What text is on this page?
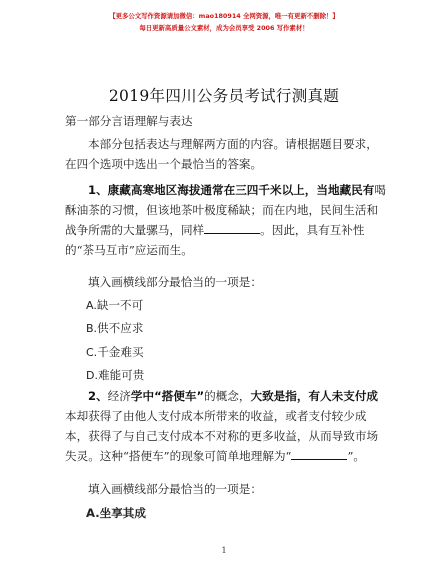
【更多公文写作资源请加微信：mao180914 全网资源，唯一有更新不删除！】
每日更新高质量公文素材，成为会员享受 2006 写作素材！
2019年四川公务员考试行测真题
第一部分言语理解与表达
本部分包括表达与理解两方面的内容。请根据题目要求，在四个选项中选出一个最恰当的答案。
1、康藏高寒地区海拔通常在三四千米以上，当地藏民有喝酥油茶的习惯，但该地茶叶极度稀缺；而在内地，民间生活和战争所需的大量骡马，同样	。因此，具有互补性的“茶马互市”应运而生。
填入画横线部分最恰当的一项是：
A.缺一不可
B.供不应求
C.千金难买
D.难能可贵
2、经济学中“搭便车”的概念，大致是指，有人未支付成本却获得了由他人支付成本所带来的收益，或者支付较少成本，获得了与自己支付成本不对称的更多收益，从而导致市场失灵。这种“搭便车”的现象可简单地理解为“	”。
填入画横线部分最恰当的一项是：
A.坐享其成
1
